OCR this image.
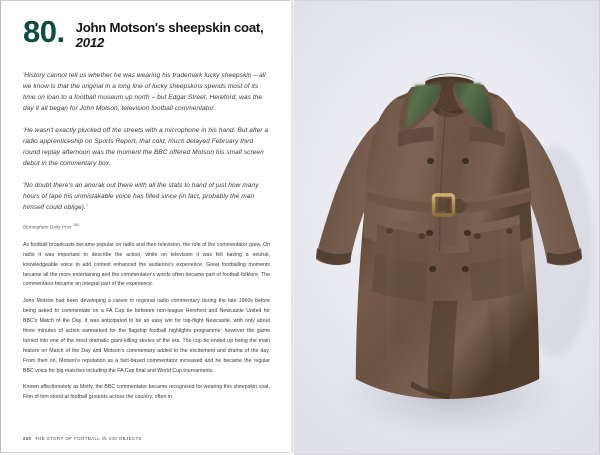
80. John Motson's sheepskin coat,
2012

'History cannot tell us whether he was wearing his trademark lucky sheepskin – all we know is that the original in a long line of lucky sheepskins spends most of its time on loan to a football museum up north – but Edgar Street, Hereford, was the day it all began for John Motson, television football commentator.

'He wasn't exactly plucked off the streets with a microphone in his hand. But after a radio apprenticeship on Sports Report, that cold, much delayed February third round replay afternoon was the moment the BBC offered Motson his small screen debut in the commentary box.

'No doubt there's an anorak out there with all the stats to hand of just how many hours of tape his unmistakable voice has filled since (in fact, probably the man himself could oblige).'

Birmingham Daily Post $^{185}$

As football broadcasts became popular on radio and then television, the role of the commentator grew. On radio it was important to describe the action, while on television it was felt having a neutral, knowledgeable voice to add context enhanced the audience's experience. Great footballing moments became all the more entertaining and the commentator's words often became part of football folklore. The commentator became an integral part of the experience.

John Motson had been developing a career in regional radio commentary during the late 1960s before being asked to commentate on a FA Cup tie between non-league Hereford and Newcastle United for BBC's Match of the Day. It was anticipated to be an easy win for top-flight Newcastle, with only about three minutes of action earmarked for the flagship football highlights programme; however the game turned into one of the most dramatic giant-killing stories of the era. The cup tie ended up being the main feature on Match of the Day and Motson's commentary added to the excitement and drama of the day. From then on, Motson's reputation as a fact-based commentator increased and he became the regular BBC voice for big matches including the FA Cup final and World Cup tournaments.

Known affectionately as Motty, the BBC commentator became recognised for wearing this sheepskin coat. Film of him stood at football grounds across the country, often in

220 THE STORY OF FOOTBALL IN 100 OBJECTS
